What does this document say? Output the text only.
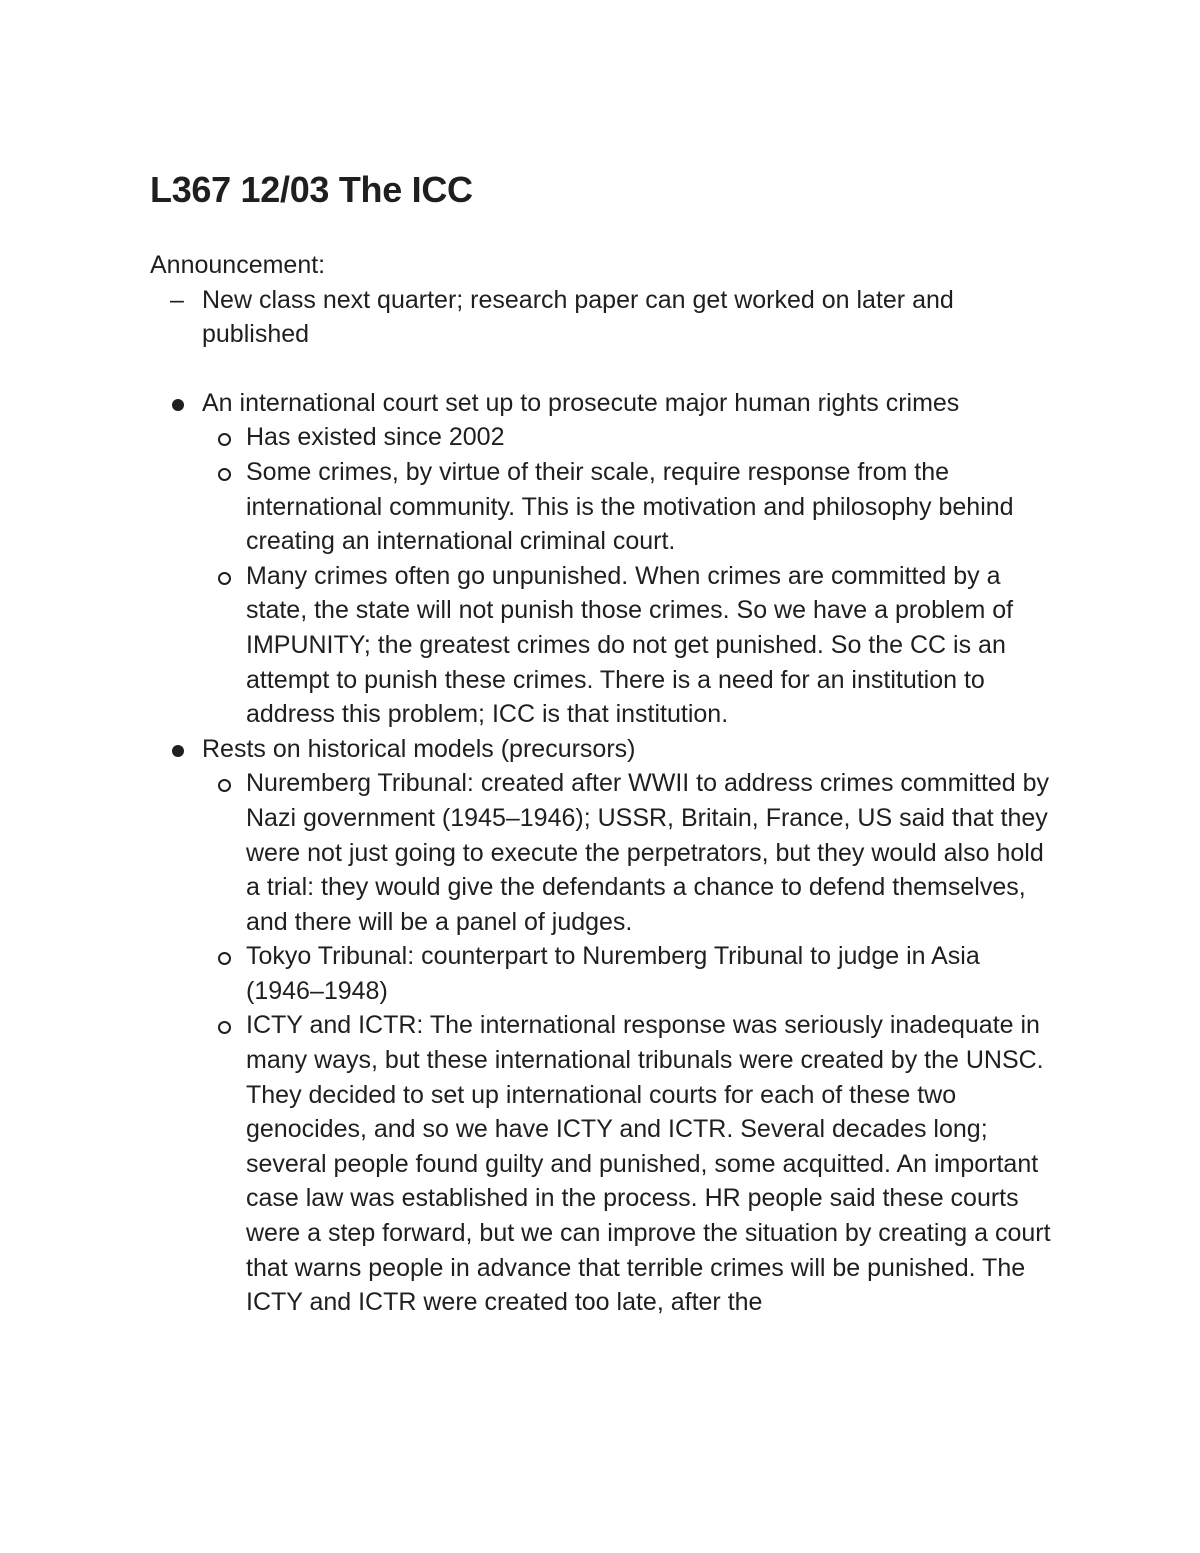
L367 12/03 The ICC
Announcement:
– New class next quarter; research paper can get worked on later and published
An international court set up to prosecute major human rights crimes
Has existed since 2002
Some crimes, by virtue of their scale, require response from the international community. This is the motivation and philosophy behind creating an international criminal court.
Many crimes often go unpunished. When crimes are committed by a state, the state will not punish those crimes. So we have a problem of IMPUNITY; the greatest crimes do not get punished. So the CC is an attempt to punish these crimes. There is a need for an institution to address this problem; ICC is that institution.
Rests on historical models (precursors)
Nuremberg Tribunal: created after WWII to address crimes committed by Nazi government (1945–1946); USSR, Britain, France, US said that they were not just going to execute the perpetrators, but they would also hold a trial: they would give the defendants a chance to defend themselves, and there will be a panel of judges.
Tokyo Tribunal: counterpart to Nuremberg Tribunal to judge in Asia (1946–1948)
ICTY and ICTR: The international response was seriously inadequate in many ways, but these international tribunals were created by the UNSC. They decided to set up international courts for each of these two genocides, and so we have ICTY and ICTR. Several decades long; several people found guilty and punished, some acquitted. An important case law was established in the process. HR people said these courts were a step forward, but we can improve the situation by creating a court that warns people in advance that terrible crimes will be punished. The ICTY and ICTR were created too late, after the
